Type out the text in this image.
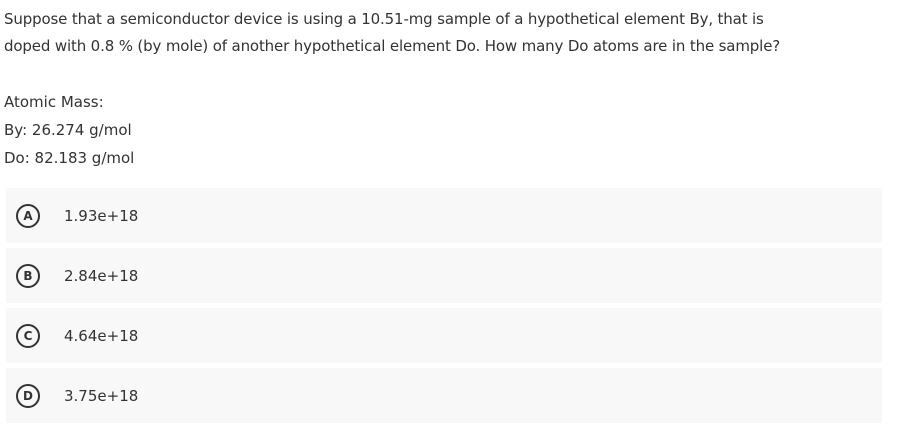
Suppose that a semiconductor device is using a 10.51-mg sample of a hypothetical element By, that is

doped with 0.8 % (by mole) of another hypothetical element Do. How many Do atoms are in the sample?

Atomic Mass:

By: 26.274 g/mol

Do: 82.183 g/mol

A	1.93e+18
B	2.84e+18
C	4.64e+18
D	3.75e+18
